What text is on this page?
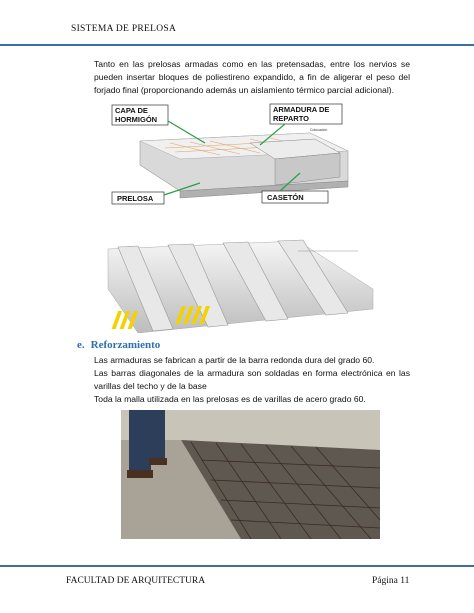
SISTEMA DE PRELOSA
Tanto en las prelosas armadas como en las pretensadas, entre los nervios se pueden insertar bloques de poliestireno expandido, a fin de aligerar el peso del forjado final (proporcionando además un aislamiento térmico parcial adicional).
CAPA DE
HORMIGÓN
ARMADURA DE
REPARTO
Colocación
PRELOSA	CASETÓN
e. Reforzamiento
Las armaduras se fabrican a partir de la barra redonda dura del grado 60.
Las barras diagonales de la armadura son soldadas en forma electrónica en las varillas del techo y de la base
Toda la malla utilizada en las prelosas es de varillas de acero grado 60.
FACULTAD DE ARQUITECTURA	Página 11
